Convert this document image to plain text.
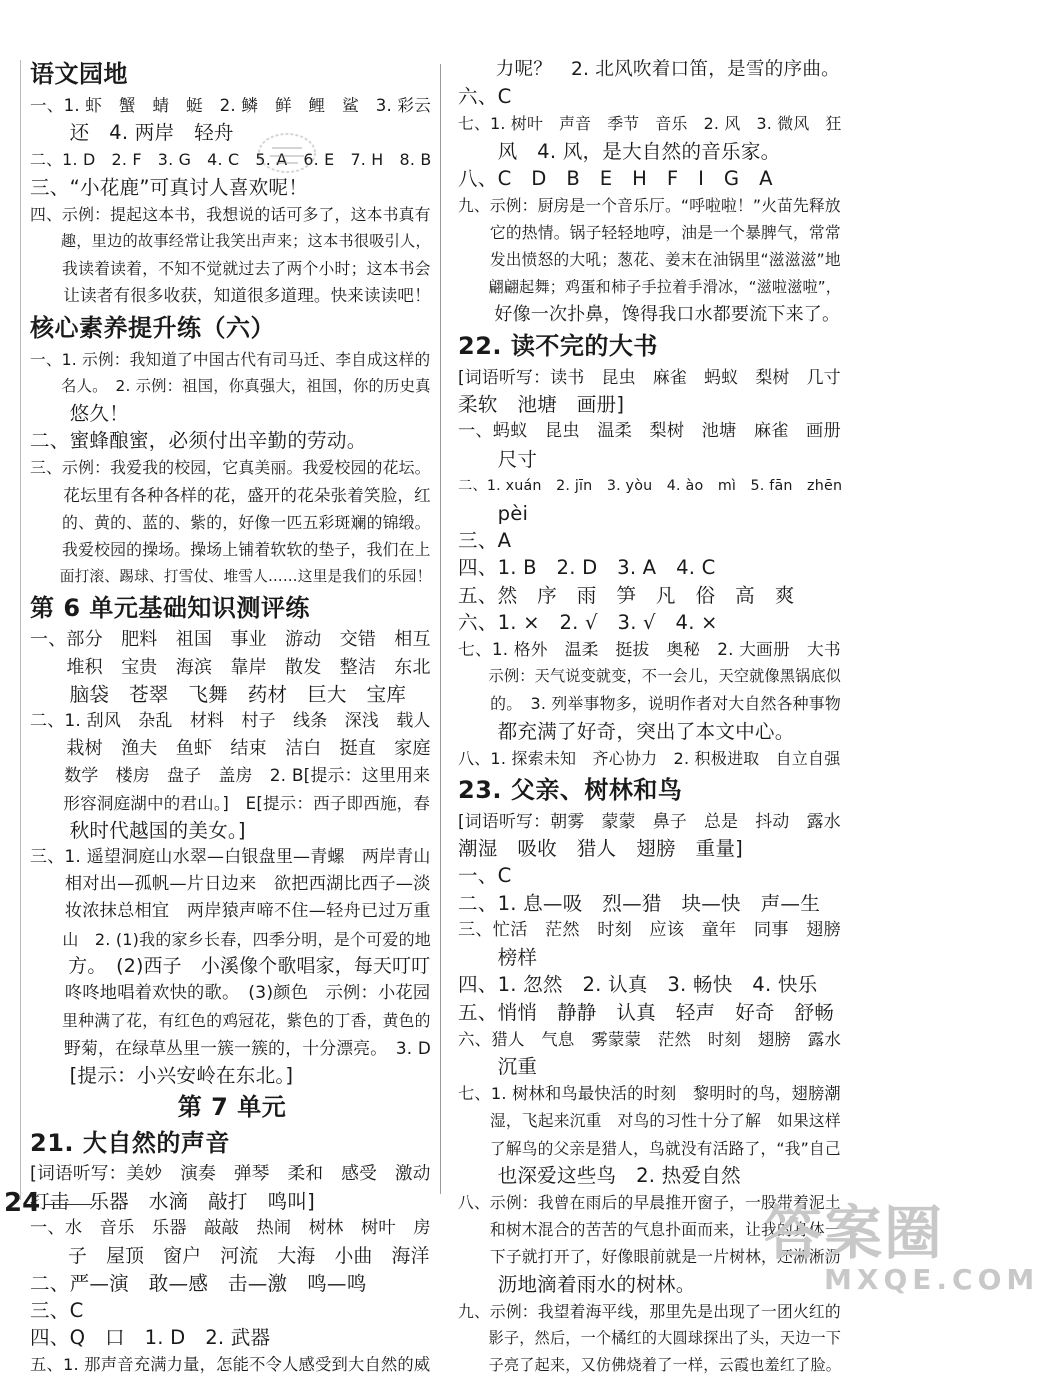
语文园地
一、1. 虾　蟹　蜻　蜓　2. 鳞　鲜　鲤　鲨　3. 彩云
　　还　4. 两岸　轻舟
二、1. D　2. F　3. G　4. C　5. A　6. E　7. H　8. B
三、“小花鹿”可真讨人喜欢呢！
四、示例：提起这本书，我想说的话可多了，这本书真有
　　趣，里边的故事经常让我笑出声来；这本书很吸引人，
　　我读着读着，不知不觉就过去了两个小时；这本书会
　　让读者有很多收获，知道很多道理。快来读读吧！
核心素养提升练（六）
一、1. 示例：我知道了中国古代有司马迁、李自成这样的
　　名人。　2. 示例：祖国，你真强大，祖国，你的历史真
　　悠久！
二、蜜蜂酿蜜，必须付出辛勤的劳动。
三、示例：我爱我的校园，它真美丽。我爱校园的花坛。
　　花坛里有各种各样的花，盛开的花朵张着笑脸，红
　　的、黄的、蓝的、紫的，好像一匹五彩斑斓的锦缎。
　　我爱校园的操场。操场上铺着软软的垫子，我们在上
　　面打滚、踢球、打雪仗、堆雪人……这里是我们的乐园！
第 6 单元基础知识测评练
一、部分　肥料　祖国　事业　游动　交错　相互
　　堆积　宝贵　海滨　靠岸　散发　整洁　东北
　　脑袋　苍翠　飞舞　药材　巨大　宝库
二、1. 刮风　杂乱　材料　村子　线条　深浅　载人
　　栽树　渔夫　鱼虾　结束　洁白　挺直　家庭
　　数学　楼房　盘子　盖房　2. B[提示：这里用来
　　形容洞庭湖中的君山。]　E[提示：西子即西施，春
　　秋时代越国的美女。]
三、1. 遥望洞庭山水翠—白银盘里—青螺　两岸青山
　　相对出—孤帆—片日边来　欲把西湖比西子—淡
　　妆浓抹总相宜　两岸猿声啼不住—轻舟已过万重
　　山　2. (1)我的家乡长春，四季分明，是个可爱的地
　　方。　(2)西子　小溪像个歌唱家，每天叮叮
　　咚咚地唱着欢快的歌。　(3)颜色　示例：小花园
　　里种满了花，有红色的鸡冠花，紫色的丁香，黄色的
　　野菊，在绿草丛里一簇一簇的，十分漂亮。　3. D
　　[提示：小兴安岭在东北。]
第 7 单元
21. 大自然的声音
[词语听写：美妙　演奏　弹琴　柔和　感受　激动
打击　乐器　水滴　敲打　鸣叫]
一、水　音乐　乐器　敲敲　热闹　树林　树叶　房
　　子　屋顶　窗户　河流　大海　小曲　海洋
二、严—演　敢—感　击—激　鸣—鸣
三、C
四、Q　口　1. D　2. 武器
五、1. 那声音充满力量，怎能不令人感受到大自然的威
　　力呢？　2. 北风吹着口笛，是雪的序曲。
六、C
七、1. 树叶　声音　季节　音乐　2. 风　3. 微风　狂
　　风　4. 风，是大自然的音乐家。
八、C　D　B　E　H　F　I　G　A
九、示例：厨房是一个音乐厅。“呼啦啦！”火苗先释放
　　它的热情。锅子轻轻地哼，油是一个暴脾气，常常
　　发出愤怒的大吼；葱花、姜末在油锅里“滋滋滋”地
　　翩翩起舞；鸡蛋和柿子手拉着手滑冰，“滋啦滋啦”，
　　好像一次扑鼻，馋得我口水都要流下来了。
22. 读不完的大书
[词语听写：读书　昆虫　麻雀　蚂蚁　梨树　几寸
柔软　池塘　画册]
一、蚂蚁　昆虫　温柔　梨树　池塘　麻雀　画册
　　尺寸
二、1. xuán　2. jīn　3. yòu　4. ào　mì　5. fān　zhēn
　　pèi
三、A
四、1. B　2. D　3. A　4. C
五、然　序　雨　笋　凡　俗　高　爽
六、1. ×　2. √　3. √　4. ×
七、1. 格外　温柔　挺拔　奥秘　2. 大画册　大书
　　示例：天气说变就变，不一会儿，天空就像黑锅底似
　　的。　3. 列举事物多，说明作者对大自然各种事物
　　都充满了好奇，突出了本文中心。
八、1. 探索未知　齐心协力　2. 积极进取　自立自强
23. 父亲、树林和鸟
[词语听写：朝雾　蒙蒙　鼻子　总是　抖动　露水
潮湿　吸收　猎人　翅膀　重量]
一、C
二、1. 息—吸　烈—猎　块—快　声—生
三、忙活　茫然　时刻　应该　童年　同事　翅膀
　　榜样
四、1. 忽然　2. 认真　3. 畅快　4. 快乐
五、悄悄　静静　认真　轻声　好奇　舒畅
六、猎人　气息　雾蒙蒙　茫然　时刻　翅膀　露水
　　沉重
七、1. 树林和鸟最快活的时刻　黎明时的鸟，翅膀潮
　　湿，飞起来沉重　对鸟的习性十分了解　如果这样
　　了解鸟的父亲是猎人，鸟就没有活路了，“我”自己
　　也深爱这些鸟　2. 热爱自然
八、示例：我曾在雨后的早晨推开窗子，一股带着泥土
　　和树木混合的苦苦的气息扑面而来，让我的身体一
　　下子就打开了，好像眼前就是一片树林，还淅淅沥
　　沥地滴着雨水的树林。
九、示例：我望着海平线，那里先是出现了一团火红的
　　影子，然后，一个橘红的大圆球探出了头，天边一下
　　子亮了起来，又仿佛烧着了一样，云霞也羞红了脸。
24	答案圈
MXQE.COM
